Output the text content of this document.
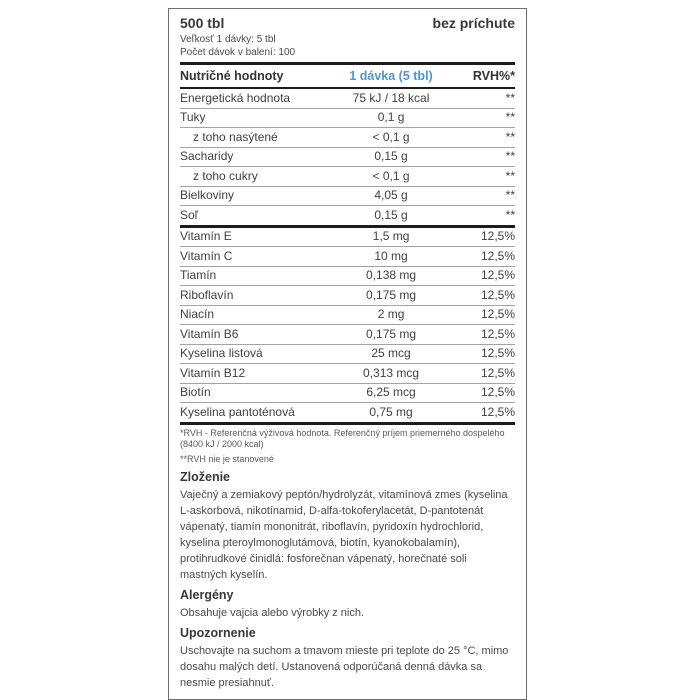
500 tbl	bez príchute
Veľkosť 1 dávky: 5 tbl
Počet dávok v balení: 100
Nutričné hodnoty	1 dávka (5 tbl)	RVH%*
Energetická hodnota	75 kJ / 18 kcal	**
Tuky	0,1 g	**
z toho nasýtené	< 0,1 g	**
Sacharidy	0,15 g	**
z toho cukry	< 0,1 g	**
Bielkoviny	4,05 g	**
Soľ	0,15 g	**
Vitamín E	1,5 mg	12,5%
Vitamín C	10 mg	12,5%
Tiamín	0,138 mg	12,5%
Riboflavín	0,175 mg	12,5%
Niacín	2 mg	12,5%
Vitamín B6	0,175 mg	12,5%
Kyselina listová	25 mcg	12,5%
Vitamín B12	0,313 mcg	12,5%
Biotín	6,25 mcg	12,5%
Kyselina pantoténová	0,75 mg	12,5%

*RVH - Referenčná výživová hodnota. Referenčný príjem priemerného dospelého (8400 kJ / 2000 kcal)

**RVH nie je stanovené

Zloženie

Vaječný a zemiakový peptón/hydrolyzát, vitamínová zmes (kyselina L-askorbová, nikotínamid, D-alfa-tokoferylacetát, D-pantotenát vápenatý, tiamín mononitrát, riboflavín, pyridoxín hydrochlorid, kyselina pteroylmonoglutámová, biotín, kyanokobalamín), protihrudkové činidlá: fosforečnan vápenatý, horečnaté soli mastných kyselín.

Alergény

Obsahuje vajcia alebo výrobky z nich.

Upozornenie

Uschovajte na suchom a tmavom mieste pri teplote do 25 °C, mimo dosahu malých detí. Ustanovená odporúčaná denná dávka sa nesmie presiahnuť.
